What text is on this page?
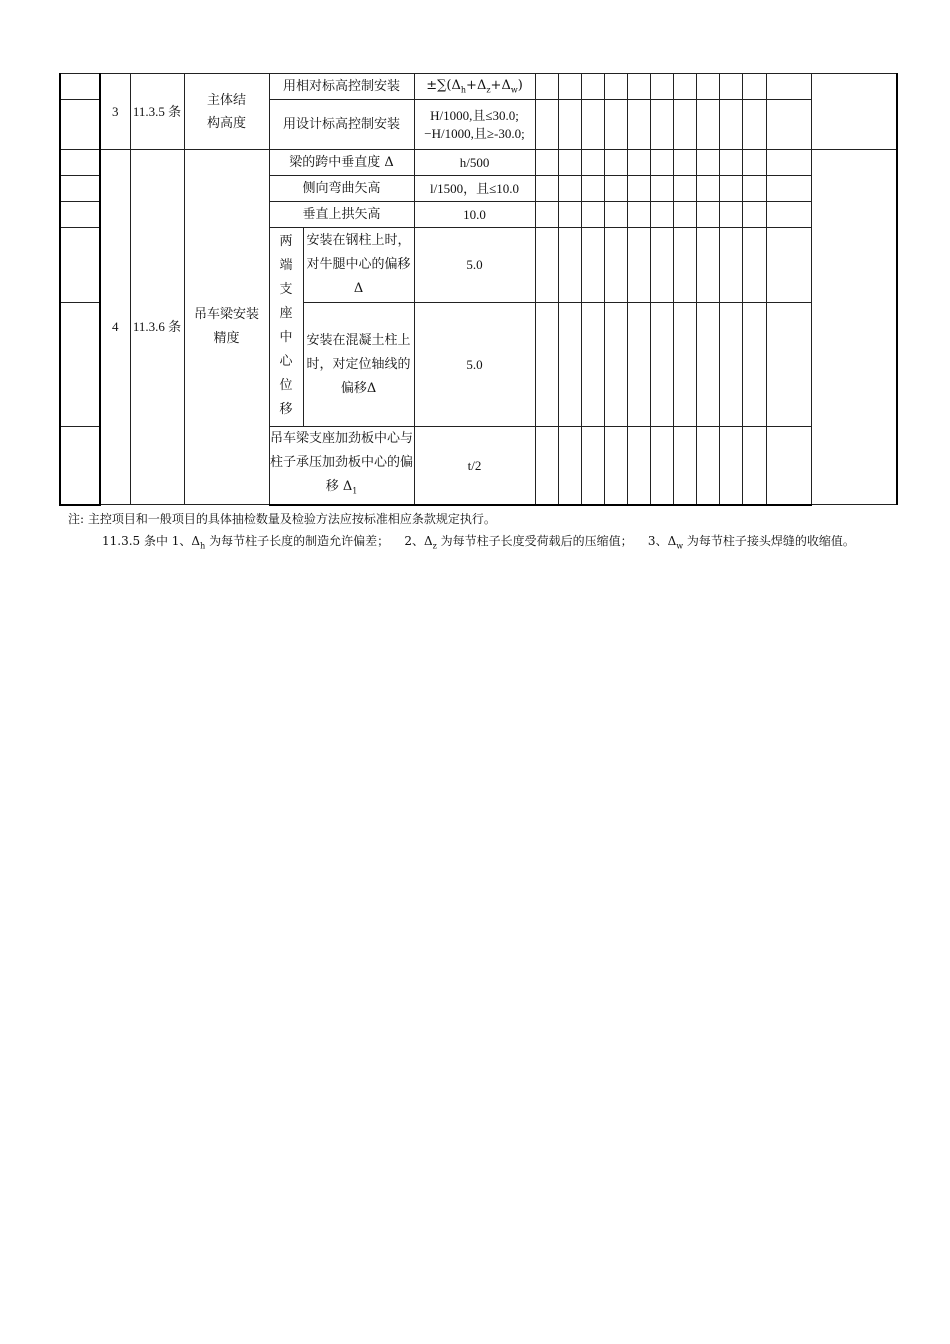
	3	11.3.5 条	主体结构高度	用相对标高控制安装		$\pm\sum(\Delta_h+\Delta_z+\Delta_w)$												
				用设计标高控制安装		H/1000,且≤30.0;
−H/1000,且≥-30.0;												

	4	11.3.6 条	吊车梁安装精度	梁的跨中垂直度 Δ		h/500												
				侧向弯曲矢高		l/1500，且≤10.0												
				垂直上拱矢高		10.0												

				两端支座中心位移	安装在钢柱上时，对牛腿中心的偏移Δ	5.0												

					安装在混凝土柱上时，对定位轴线的偏移Δ	5.0												

				吊车梁支座加劲板中心与柱子承压加劲板中心的偏移 $\Delta_1$		t/2												

注: 主控项目和一般项目的具体抽检数量及检验方法应按标准相应条款规定执行。

11.3.5 条中 1、$\Delta_h$ 为每节柱子长度的制造允许偏差；    2、$\Delta_z$ 为每节柱子长度受荷载后的压缩值；    3、$\Delta_w$ 为每节柱子接头焊缝的收缩值。
